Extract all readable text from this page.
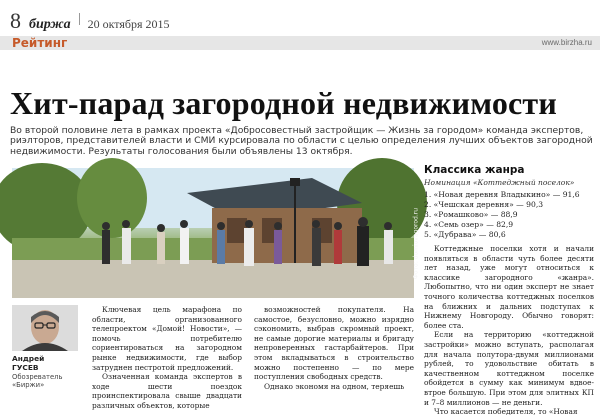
8 биржа 20 октября 2015
Рейтинг	www.birzha.ru
Хит-парад загородной недвижимости
Во второй половине лета в рамках проекта «Добросовестный застройщик — Жизнь за городом» команда экспертов, риэлторов, представителей власти и СМИ курсировала по области с целью определения лучших объектов загородной недвижимости. Результаты голосования были объявлены 13 октября.
Фото: domiovagorod.ru
Классика жанра
Номинация «Коттеджный поселок»
1. «Новая деревня Владыкино» — 91,6
2. «Чешская деревня» — 90,3
3. «Ромашково» — 88,9
4. «Семь озер» — 82,9
5. «Дубрава» — 80,6

Коттеджные поселки хотя и начали появляться в области чуть более десяти лет назад, уже могут относиться к классике загородного «жанра». Любопытно, что ни один эксперт не знает точного количества коттеджных поселков на ближних и дальних подступах к Нижнему Новгороду. Обычно говорят: более ста.

Если на территорию «коттеджной застройки» можно вступать, располагая для начала полутора-двумя миллионами рублей, то удовольствие обитать в качественном коттеджном поселке обойдется в сумму как минимум вдвое-втрое большую. При этом для элитных КП и 7–8 миллионов — не деньги.

Что касается победителя, то «Новая

Андрей
ГУСЕВ
Обозреватель
«Биржи»

Ключевая цель марафона по области, организованного телепроектом «Домой! Новости», — помочь потребителю сориентироваться на загородном рынке недвижимости, где выбор затруднен пестротой предложений.

Означенная команда экспертов в ходе шести поездок проинспектировала свыше двадцати различных объектов, которые

возможностей покупателя. На самостое, безусловно, можно изрядно сэкономить, выбрав скромный проект, не самые дорогие материалы и бригаду непроверенных гастарбайтеров. При этом вкладываться в строительство можно постепенно — по мере поступления свободных средств.

Однако экономя на одном, теряешь
